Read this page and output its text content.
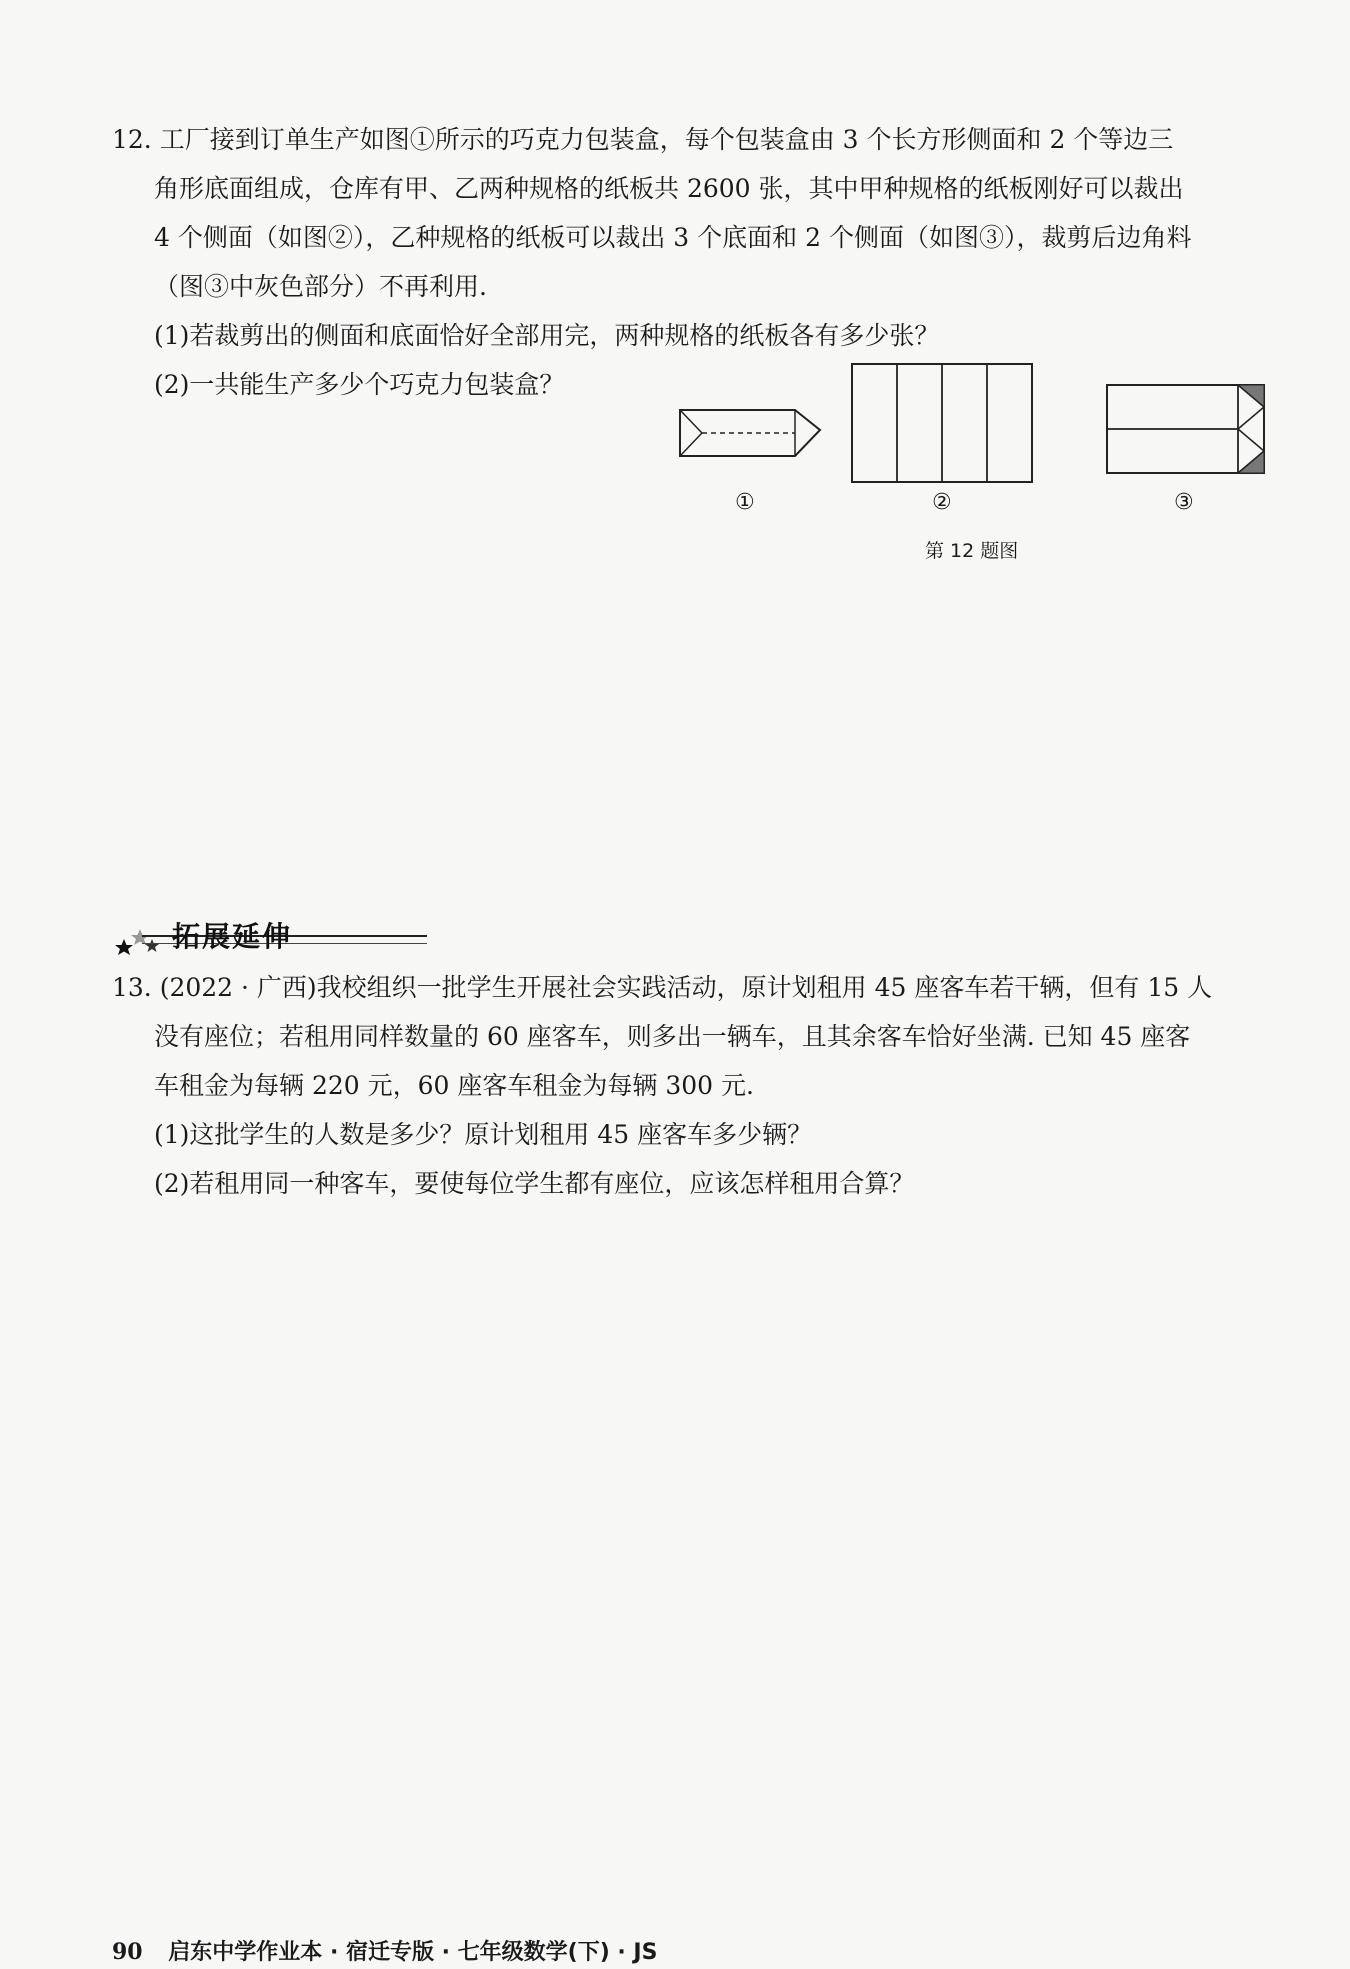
12. 工厂接到订单生产如图①所示的巧克力包装盒，每个包装盒由 3 个长方形侧面和 2 个等边三

角形底面组成，仓库有甲、乙两种规格的纸板共 2600 张，其中甲种规格的纸板刚好可以裁出

4 个侧面（如图②），乙种规格的纸板可以裁出 3 个底面和 2 个侧面（如图③），裁剪后边角料

（图③中灰色部分）不再利用.

(1)若裁剪出的侧面和底面恰好全部用完，两种规格的纸板各有多少张？

(2)一共能生产多少个巧克力包装盒？

①	②	③
第 12 题图
拓展延伸

13. (2022 · 广西)我校组织一批学生开展社会实践活动，原计划租用 45 座客车若干辆，但有 15 人

没有座位；若租用同样数量的 60 座客车，则多出一辆车，且其余客车恰好坐满. 已知 45 座客

车租金为每辆 220 元，60 座客车租金为每辆 300 元.

(1)这批学生的人数是多少？原计划租用 45 座客车多少辆？

(2)若租用同一种客车，要使每位学生都有座位，应该怎样租用合算？

90 启东中学作业本 · 宿迁专版 · 七年级数学(下) · JS
